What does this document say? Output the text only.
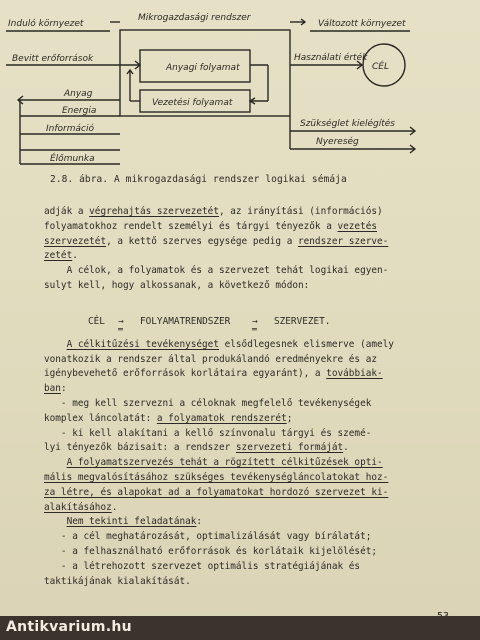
Induló környezet
Mikrogazdasági rendszer
Változott környezet
Bevitt erőforrások
Anyagi folyamat
Vezetési folyamat
Használati érték
CÉL
Anyag
Energia
Információ
Élőmunka
Szükséglet kielégítés
Nyereség
2.8. ábra. A mikrogazdasági rendszer logikai sémája

adják a végrehajtás szervezetét, az irányítási (információs)

folyamatokhoz rendelt személyi és tárgyi tényezők a vezetés

szervezetét, a kettő szerves egysége pedig a rendszer szerve-

zetét.

A célok, a folyamatok és a szervezet tehát logikai egyen-

sulyt kell, hogy alkossanak, a következő módon:

A célkitűzési tevékenységet elsődlegesnek elismerve (amely

vonatkozik a rendszer által produkálandó eredményekre és az

igénybevehető erőforrások korlátaira egyaránt), a továbbiak-

ban:

- meg kell szervezni a céloknak megfelelő tevékenységek

komplex láncolatát: a folyamatok rendszerét;

- ki kell alakítani a kellő színvonalu tárgyi és szemé-

lyi tényezők bázisait: a rendszer szervezeti formáját.

A folyamatszervezés tehát a rögzített célkitűzések opti-

mális megvalósításához szükséges tevékenységláncolatokat hoz-

za létre, és alapokat ad a folyamatokat hordozó szervezet ki-

alakításához.

Nem tekinti feladatának:

- a cél meghatározását, optimalizálását vagy bírálatát;

- a felhasználható erőforrások és korlátaik kijelölését;

- a létrehozott szervezet optimális stratégiájának és

taktikájának kialakítását.

CÉL

→

FOLYAMATRENDSZER

→

SZERVEZET.

═

	═

Antikvarium.hu
